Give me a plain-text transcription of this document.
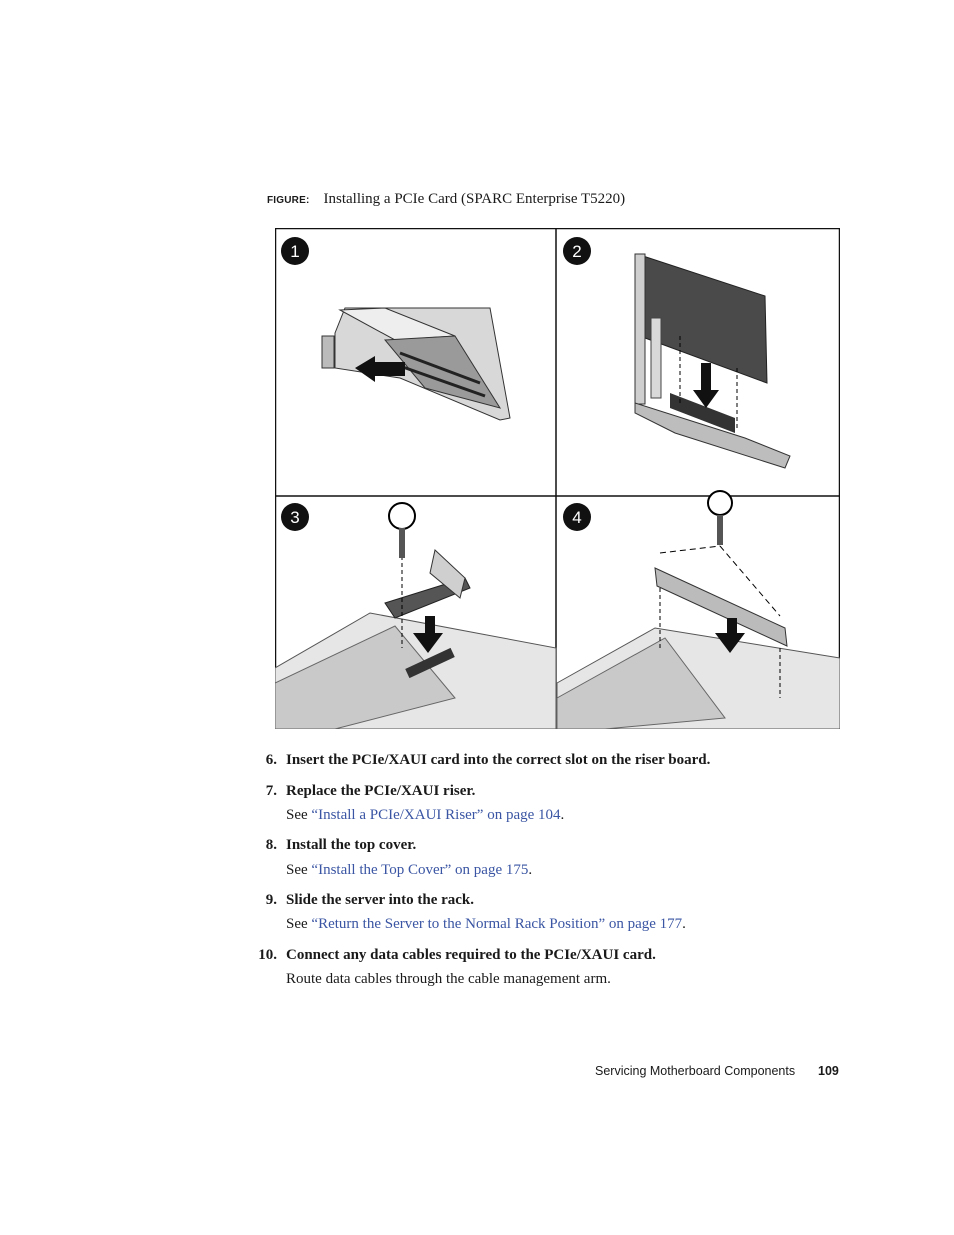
FIGURE: Installing a PCIe Card (SPARC Enterprise T5220)
1	2
3	4
6. Insert the PCIe/XAUI card into the correct slot on the riser board.
7. Replace the PCIe/XAUI riser.
See “Install a PCIe/XAUI Riser” on page 104.
8. Install the top cover.
See “Install the Top Cover” on page 175.
9. Slide the server into the rack.
See “Return the Server to the Normal Rack Position” on page 177.
10. Connect any data cables required to the PCIe/XAUI card.
Route data cables through the cable management arm.
Servicing Motherboard Components 109
